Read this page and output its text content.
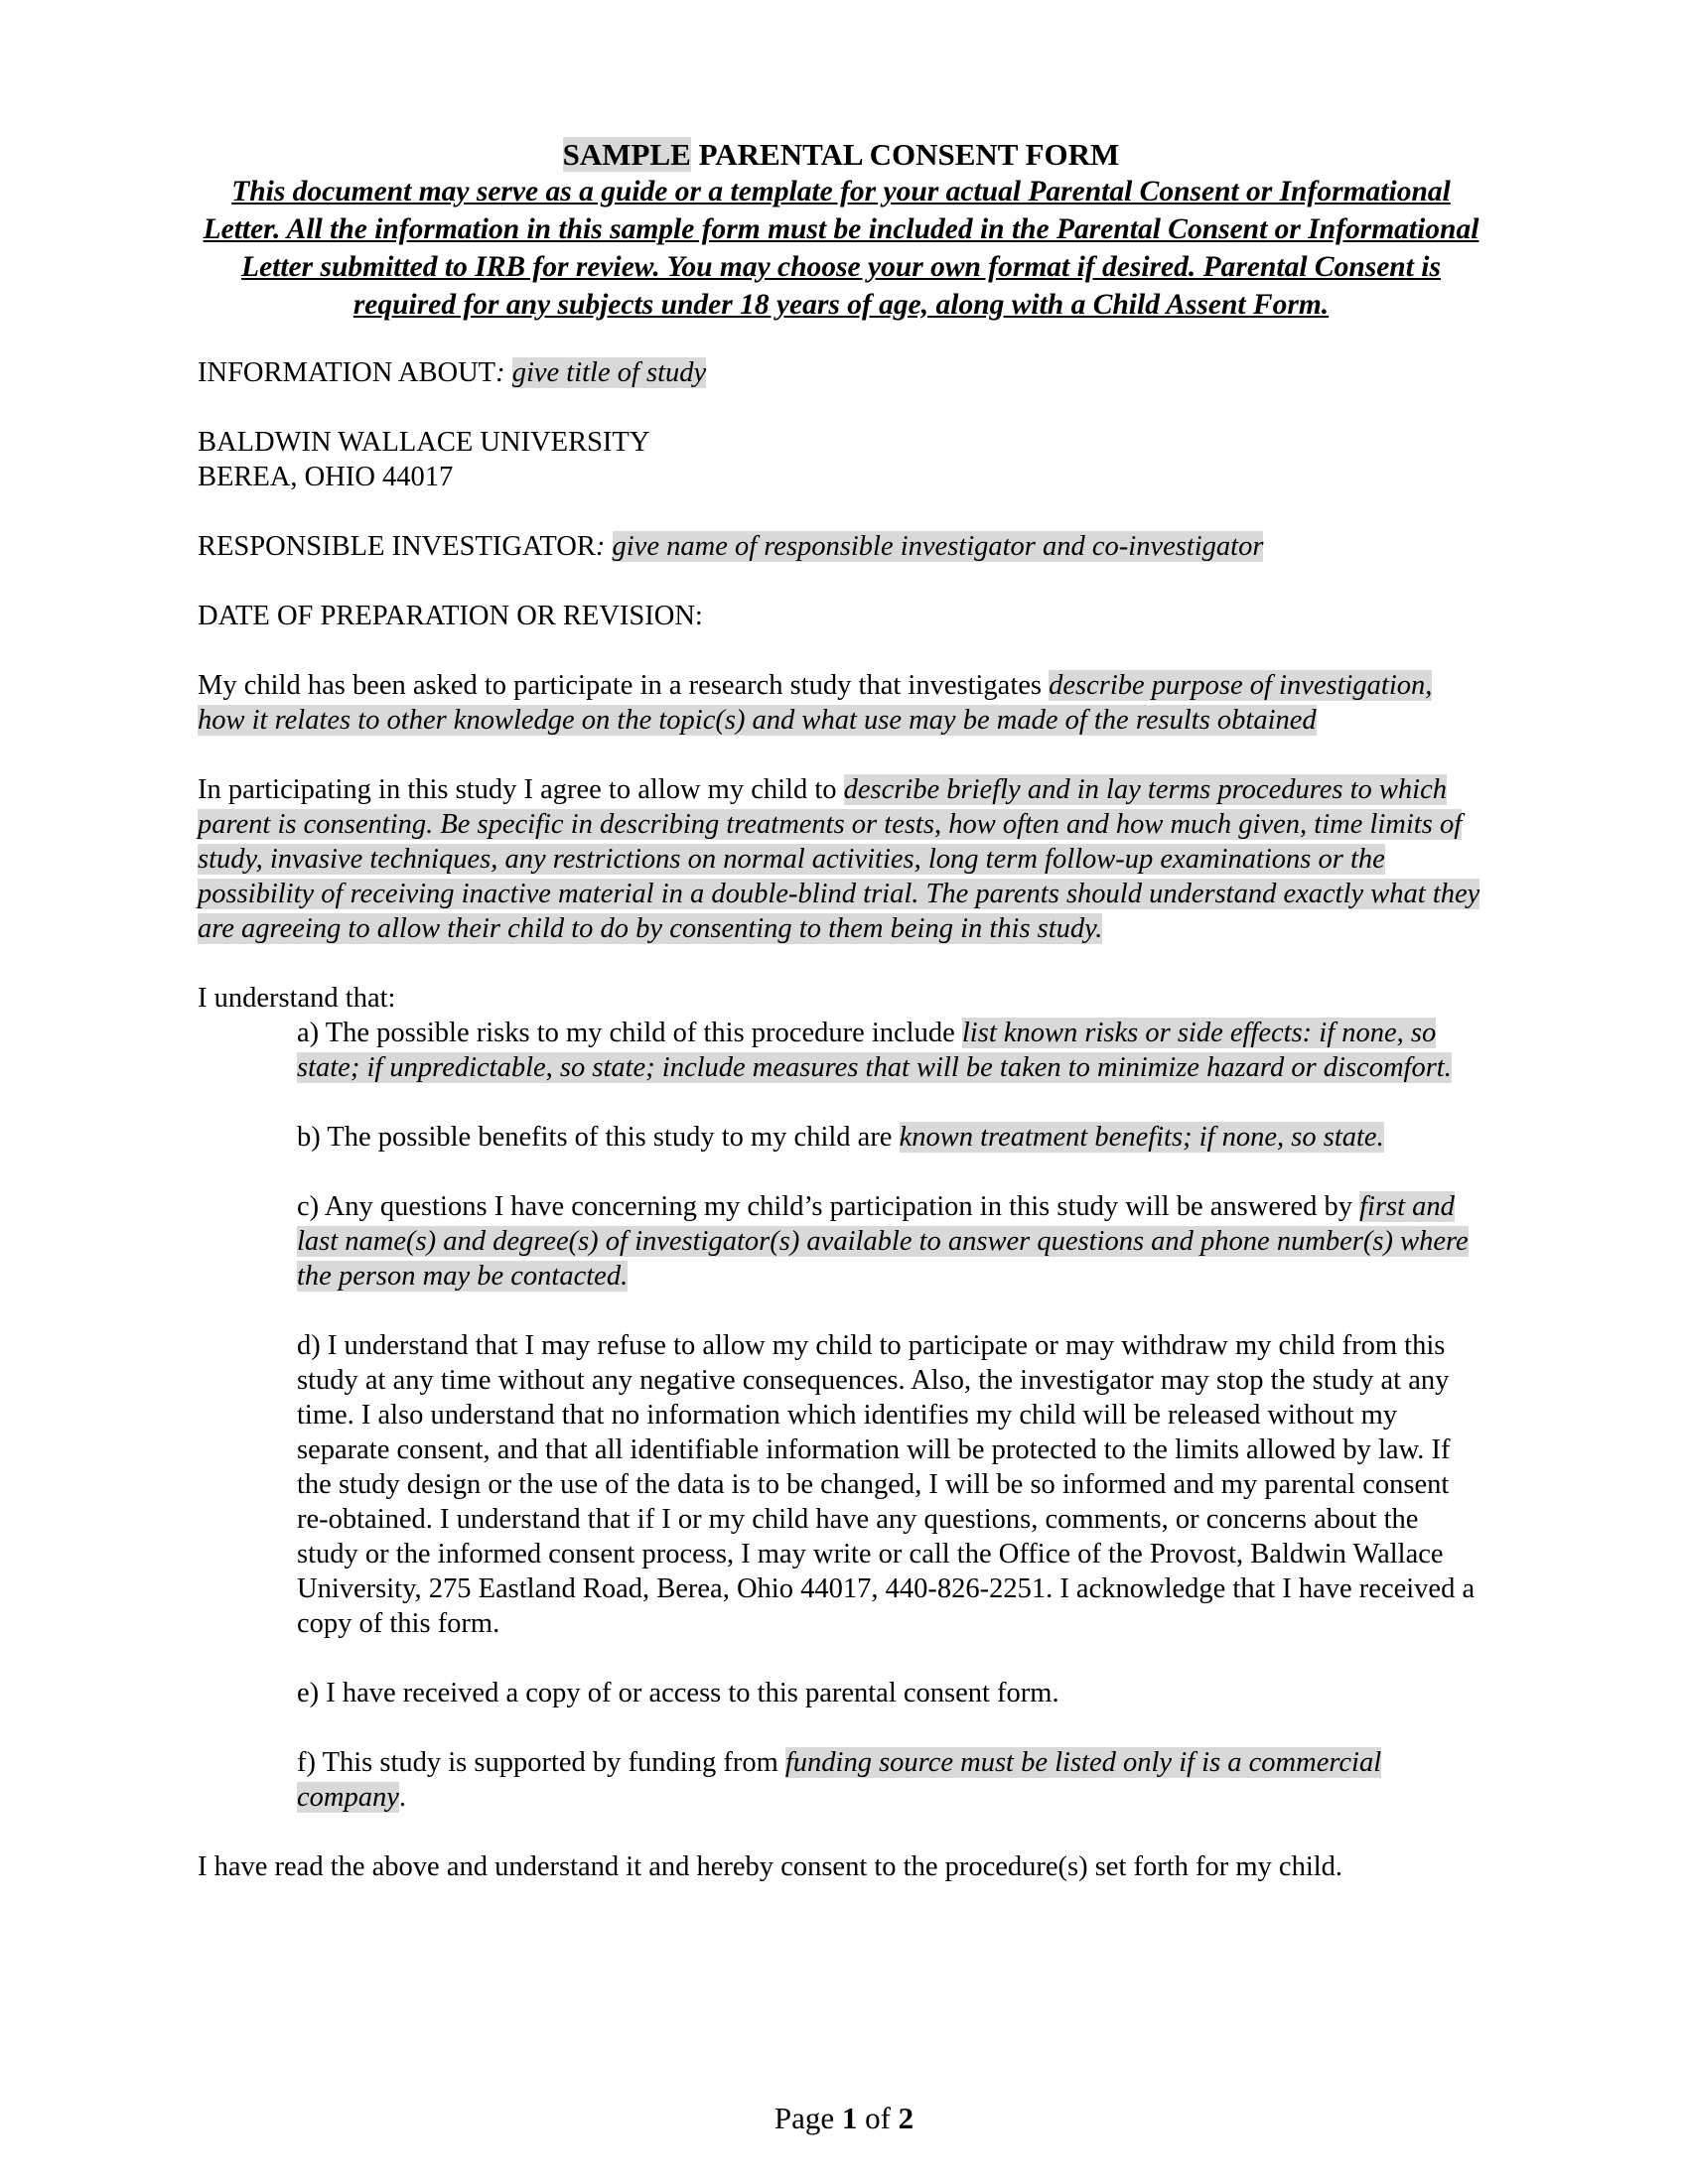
SAMPLE PARENTAL CONSENT FORM

This document may serve as a guide or a template for your actual Parental Consent or Informational Letter. All the information in this sample form must be included in the Parental Consent or Informational Letter submitted to IRB for review. You may choose your own format if desired. Parental Consent is required for any subjects under 18 years of age, along with a Child Assent Form.

INFORMATION ABOUT: give title of study

BALDWIN WALLACE UNIVERSITY

BEREA, OHIO 44017

RESPONSIBLE INVESTIGATOR: give name of responsible investigator and co-investigator

DATE OF PREPARATION OR REVISION:

My child has been asked to participate in a research study that investigates describe purpose of investigation, how it relates to other knowledge on the topic(s) and what use may be made of the results obtained

In participating in this study I agree to allow my child to describe briefly and in lay terms procedures to which parent is consenting. Be specific in describing treatments or tests, how often and how much given, time limits of study, invasive techniques, any restrictions on normal activities, long term follow-up examinations or the possibility of receiving inactive material in a double-blind trial. The parents should understand exactly what they are agreeing to allow their child to do by consenting to them being in this study.

I understand that:

a) The possible risks to my child of this procedure include list known risks or side effects: if none, so state; if unpredictable, so state; include measures that will be taken to minimize hazard or discomfort.

b) The possible benefits of this study to my child are known treatment benefits; if none, so state.

c) Any questions I have concerning my child’s participation in this study will be answered by first and last name(s) and degree(s) of investigator(s) available to answer questions and phone number(s) where the person may be contacted.

d) I understand that I may refuse to allow my child to participate or may withdraw my child from this study at any time without any negative consequences. Also, the investigator may stop the study at any time. I also understand that no information which identifies my child will be released without my separate consent, and that all identifiable information will be protected to the limits allowed by law. If the study design or the use of the data is to be changed, I will be so informed and my parental consent re-obtained. I understand that if I or my child have any questions, comments, or concerns about the study or the informed consent process, I may write or call the Office of the Provost, Baldwin Wallace University, 275 Eastland Road, Berea, Ohio 44017, 440-826-2251. I acknowledge that I have received a copy of this form.

e) I have received a copy of or access to this parental consent form.

f) This study is supported by funding from funding source must be listed only if is a commercial company.

I have read the above and understand it and hereby consent to the procedure(s) set forth for my child.

Page 1 of 2
